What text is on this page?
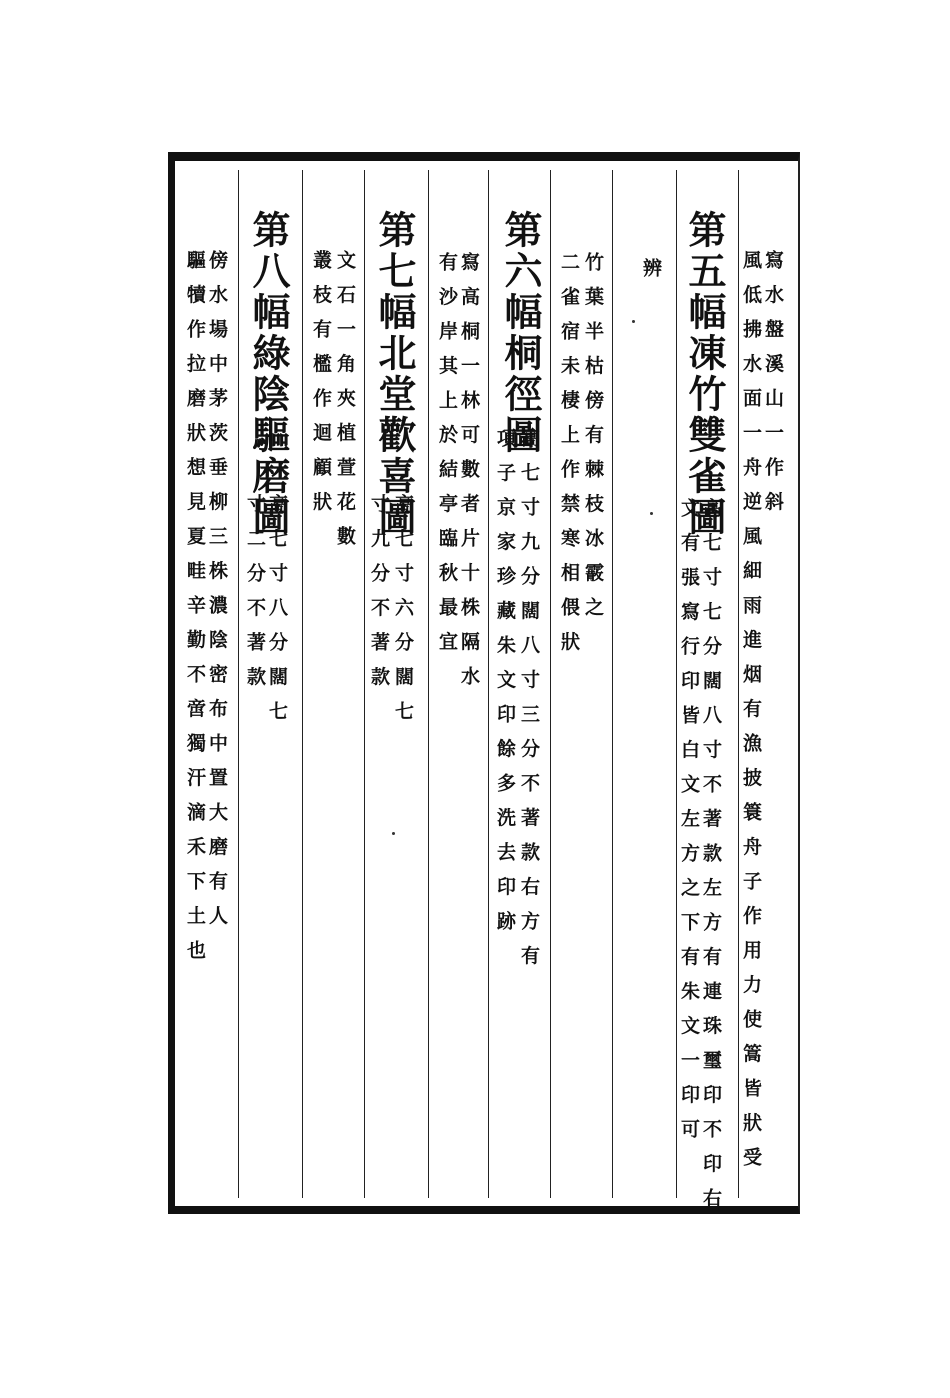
寫水盤溪山一作斜
第五幅凍竹雙雀圖
高七寸七分闊八寸不著款左方有連珠璽印不印右
文有張寫行印皆白文左方之下有朱文一印可
辨
竹葉半枯傍有棘枝冰霰之
二雀宿未棲上作禁寒相偎狀
第六幅桐徑圖
高七寸九分闊八寸三分不著款右方有
項子京家珍藏朱文印餘多洗去印跡
寫高桐一林可數者片十株隔水
有沙岸其上於結亭臨秋最宜
第七幅北堂歡喜圖
高七寸六分闊七
寸九分不著款
文石一角夾植萱花數
叢枝有檻作迴顧狀
第八幅綠陰驅磨圖
高七寸八分闊七
寸二分不著款
傍水場中茅茨垂柳三株濃陰密布中置大磨有人
驅犢作拉磨狀想見夏畦辛勤不啻獨汗滴禾下土也	風低拂水面一舟逆風細雨進烟有漁披簑舟子作用力使篙皆狀受
